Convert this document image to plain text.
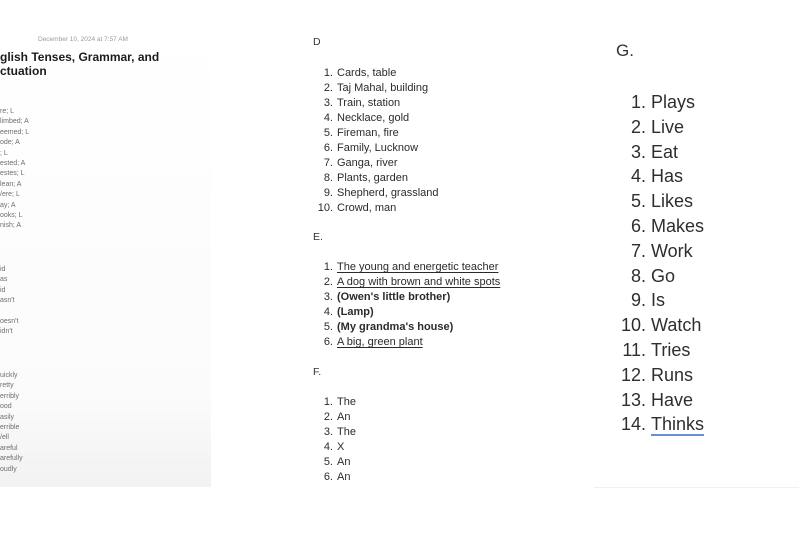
December 10, 2024 at 7:57 AM
glish Tenses, Grammar, and ctuation
re; L
limbed; A
eemed; L
ode; A
; L
ested; A
estes; L
lean; A
/ere; L
ay; A
ooks; L
nish; A
id
as
id
asn't
oesn't
idn't
uickly
retty
erribly
ood
asily
errible
/ell
areful
arefully
oudly
D
1. Cards, table
2. Taj Mahal, building
3. Train, station
4. Necklace, gold
5. Fireman, fire
6. Family, Lucknow
7. Ganga, river
8. Plants, garden
9. Shepherd, grassland
10. Crowd, man
E.
1. The young and energetic teacher
2. A dog with brown and white spots
3. (Owen's little brother)
4. (Lamp)
5. (My grandma's house)
6. A big, green plant
F.
1. The
2. An
3. The
4. X
5. An
6. An
G.
1. Plays
2. Live
3. Eat
4. Has
5. Likes
6. Makes
7. Work
8. Go
9. Is
10. Watch
11. Tries
12. Runs
13. Have
14. Thinks
